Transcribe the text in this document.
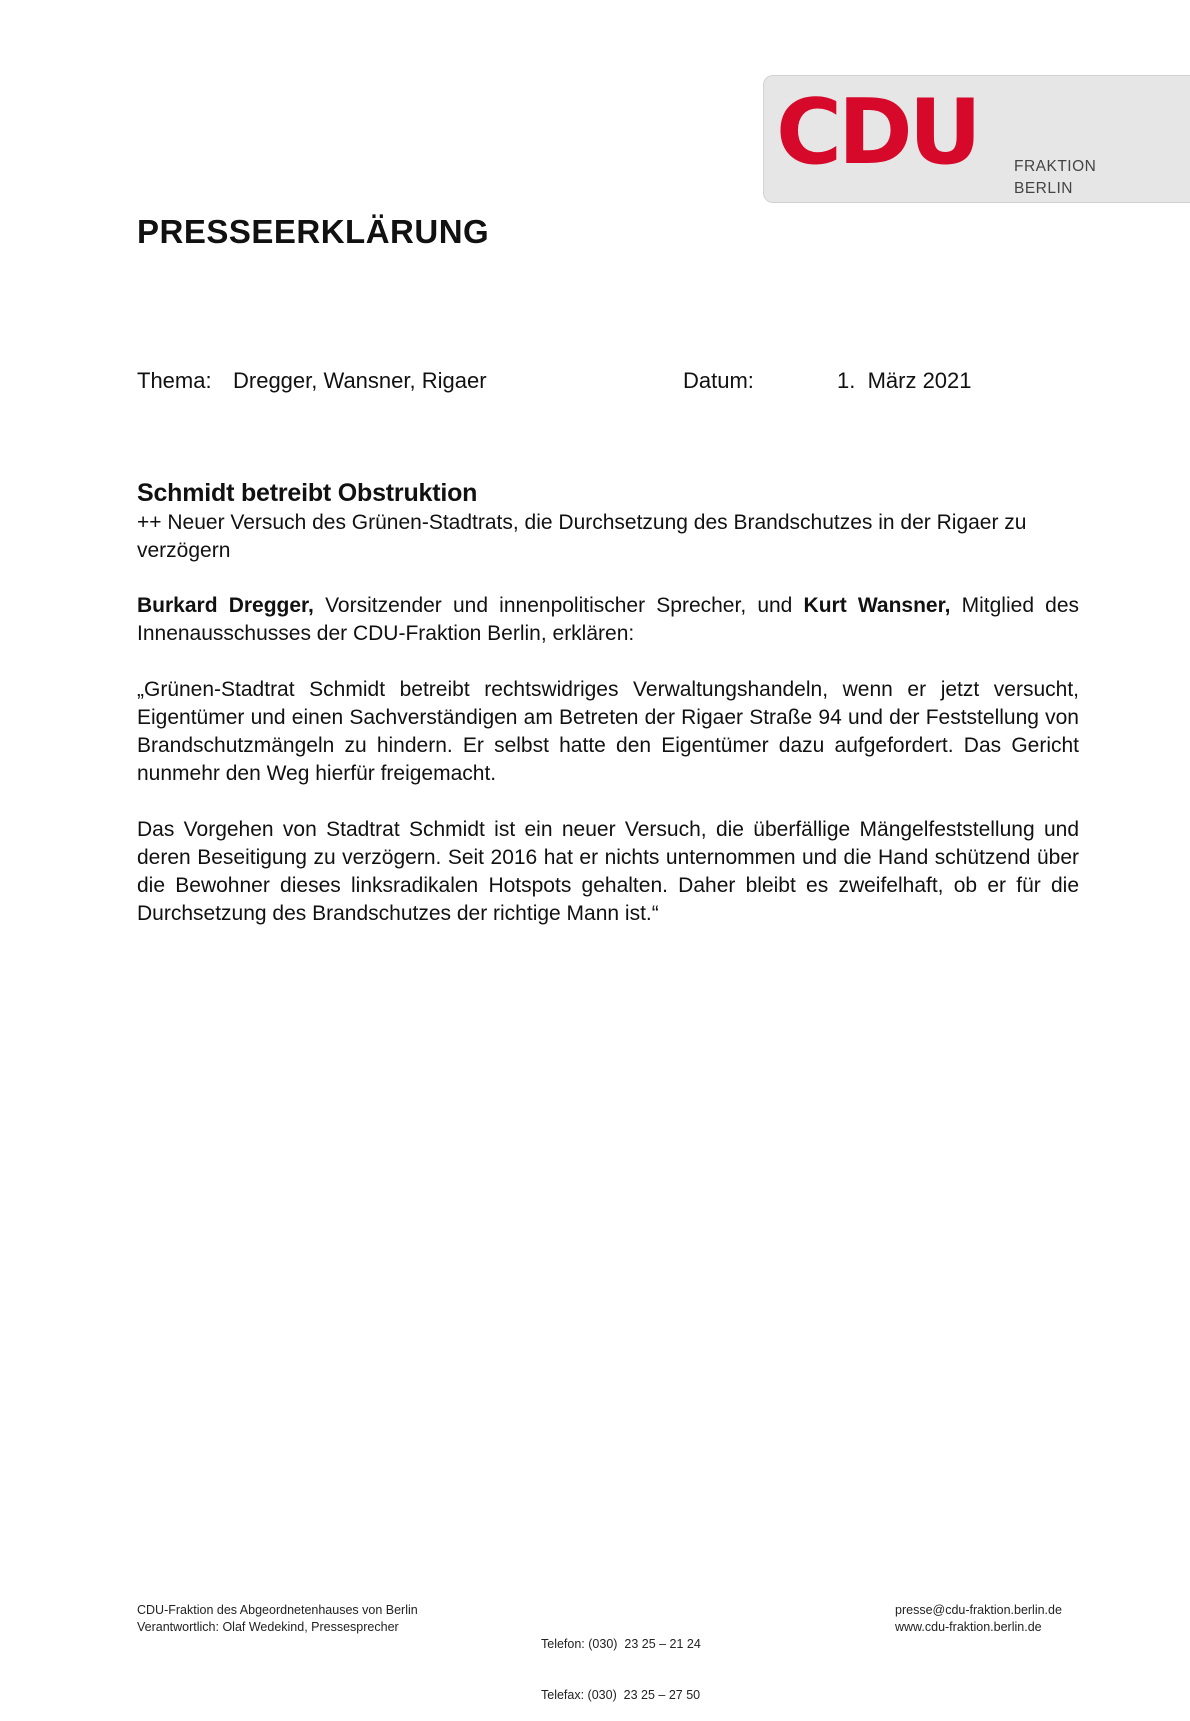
CDU FRAKTION
BERLIN
PRESSEERKLÄRUNG
Thema: Dregger, Wansner, Rigaer	Datum:	1.  März 2021
Schmidt betreibt Obstruktion

++ Neuer Versuch des Grünen-Stadtrats, die Durchsetzung des Brandschutzes in der Rigaer zu verzögern

Burkard Dregger, Vorsitzender und innenpolitischer Sprecher, und Kurt Wansner, Mitglied des Innenausschusses der CDU-Fraktion Berlin, erklären:

„Grünen-Stadtrat Schmidt betreibt rechtswidriges Verwaltungshandeln, wenn er jetzt versucht, Eigentümer und einen Sachverständigen am Betreten der Rigaer Straße 94 und der Feststellung von Brandschutzmängeln zu hindern. Er selbst hatte den Eigentümer dazu aufgefordert. Das Gericht nunmehr den Weg hierfür freigemacht.

Das Vorgehen von Stadtrat Schmidt ist ein neuer Versuch, die überfällige Mängelfeststellung und deren Beseitigung zu verzögern. Seit 2016 hat er nichts unternommen und die Hand schützend über die Bewohner dieses linksradikalen Hotspots gehalten. Daher bleibt es zweifelhaft, ob er für die Durchsetzung des Brandschutzes der richtige Mann ist.“

CDU-Fraktion des Abgeordnetenhauses von Berlin
Verantwortlich: Olaf Wedekind, Pressesprecher

Telefon: (030)  23 25 – 21 24

Telefax: (030)  23 25 – 27 50

presse@cdu-fraktion.berlin.de
www.cdu-fraktion.berlin.de
